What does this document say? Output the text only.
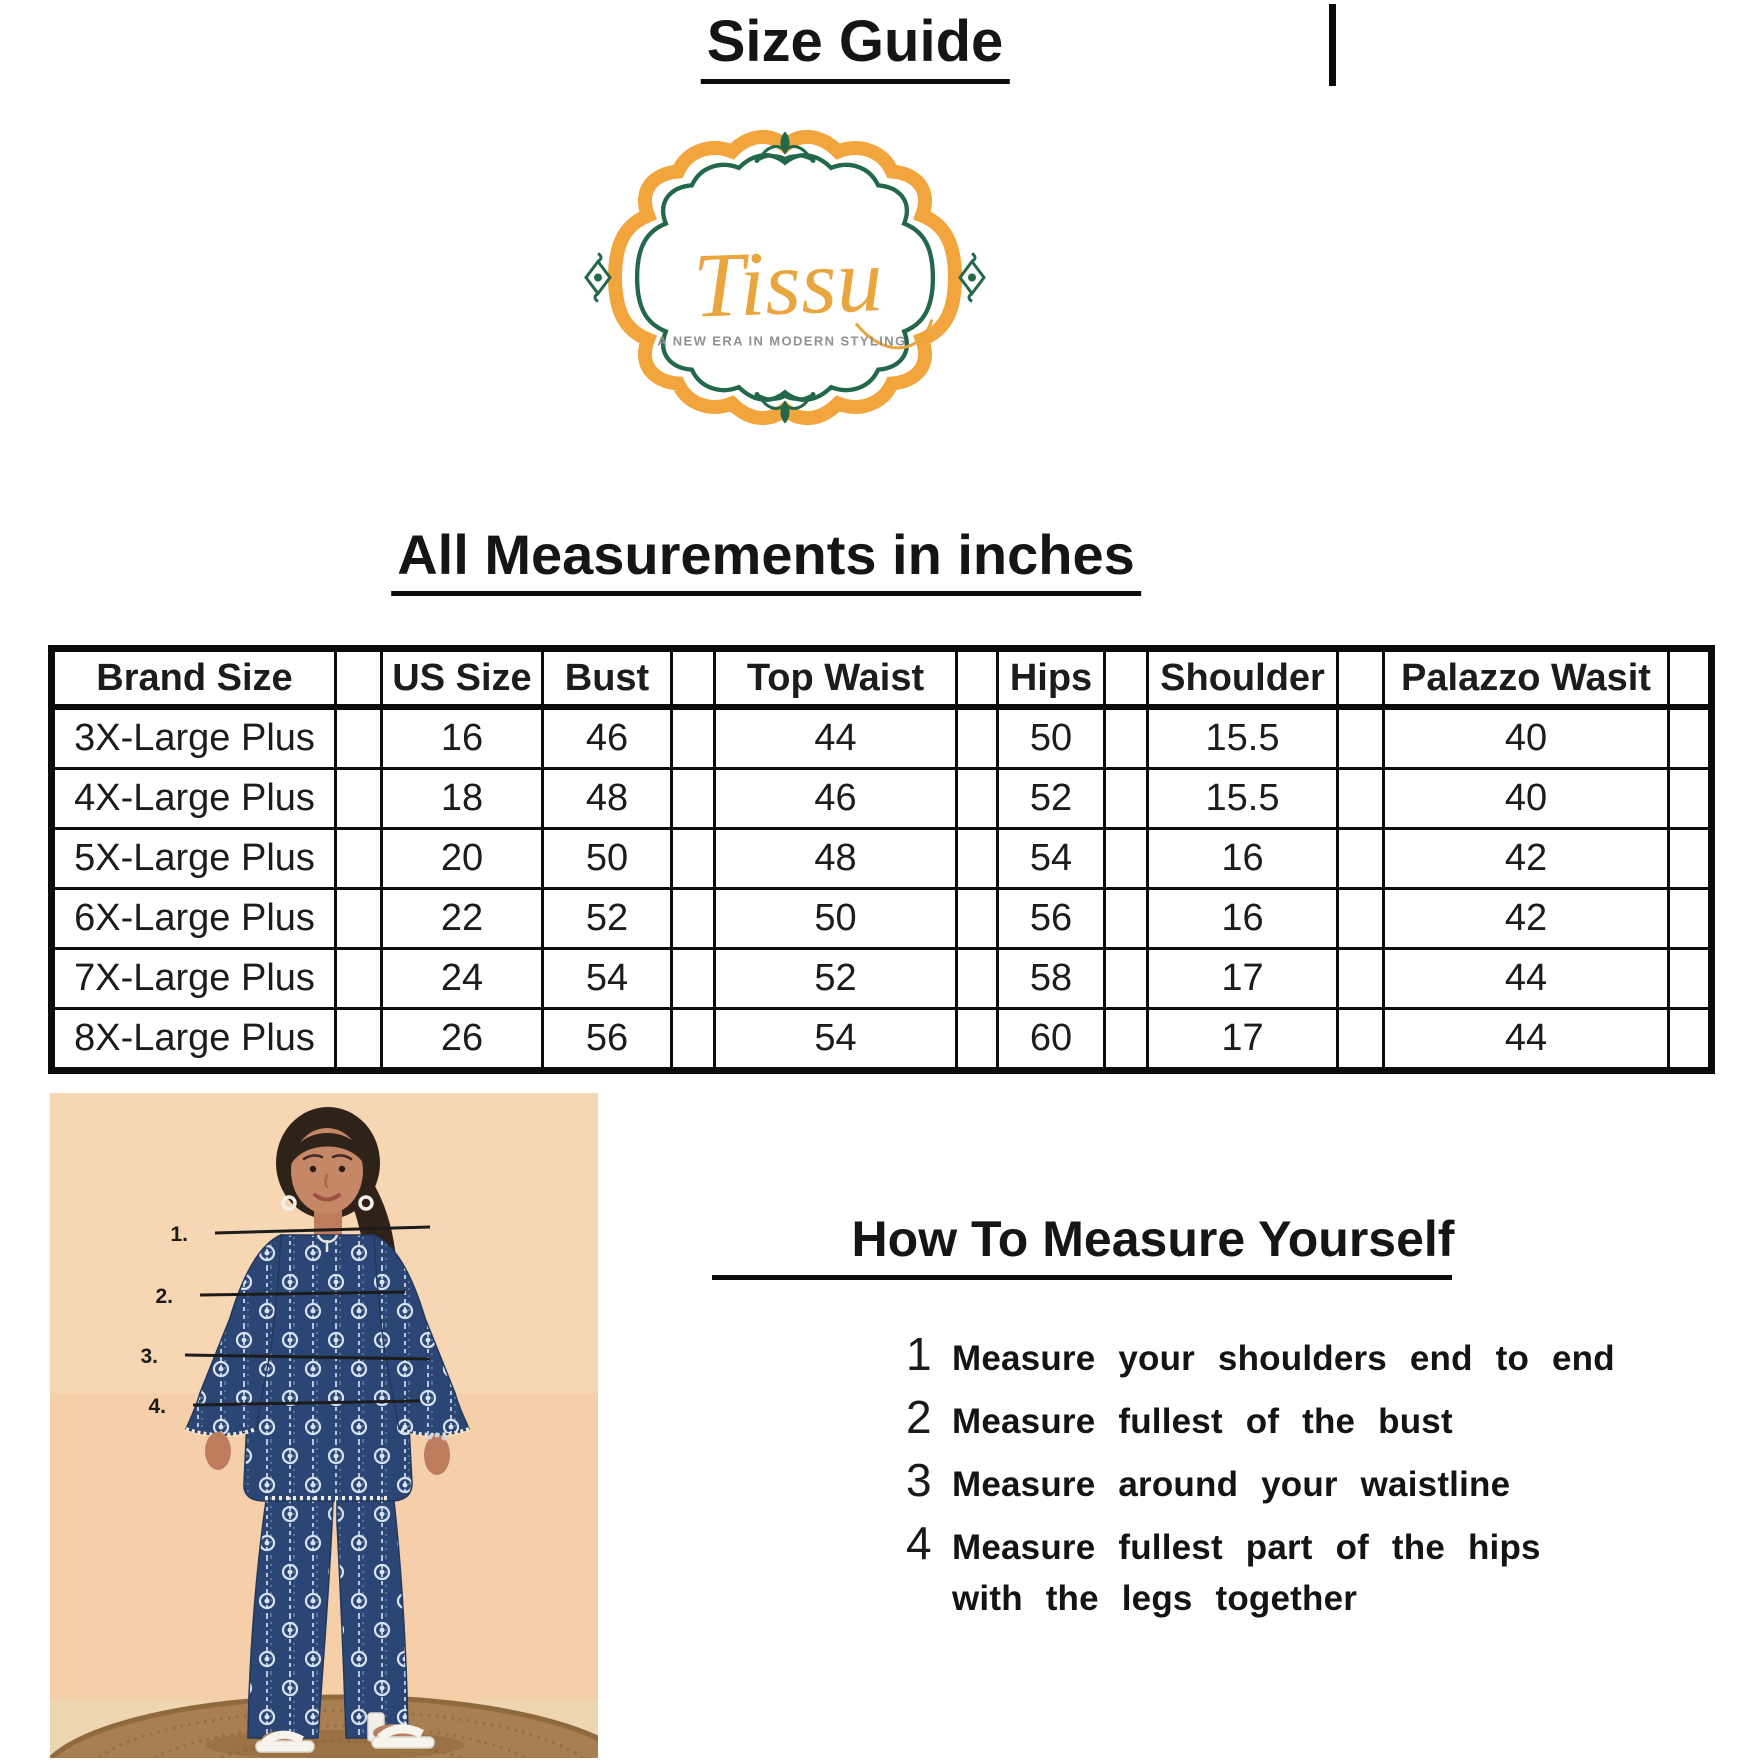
Size Guide
Tissu
A NEW ERA IN MODERN STYLING
All Measurements in inches
Brand Size		US Size	Bust		Top Waist		Hips		Shoulder		Palazzo Wasit	
3X-Large Plus		16	46		44		50		15.5		40	
4X-Large Plus		18	48		46		52		15.5		40	
5X-Large Plus		20	50		48		54		16		42	
6X-Large Plus		22	52		50		56		16		42	
7X-Large Plus		24	54		52		58		17		44	
8X-Large Plus		26	56		54		60		17		44	
1.
2.
3.
4.
How To Measure Yourself
1 Measure your shoulders end to end
2 Measure fullest of the bust
3 Measure around your waistline
4 Measure fullest part of the hips
with the legs together
